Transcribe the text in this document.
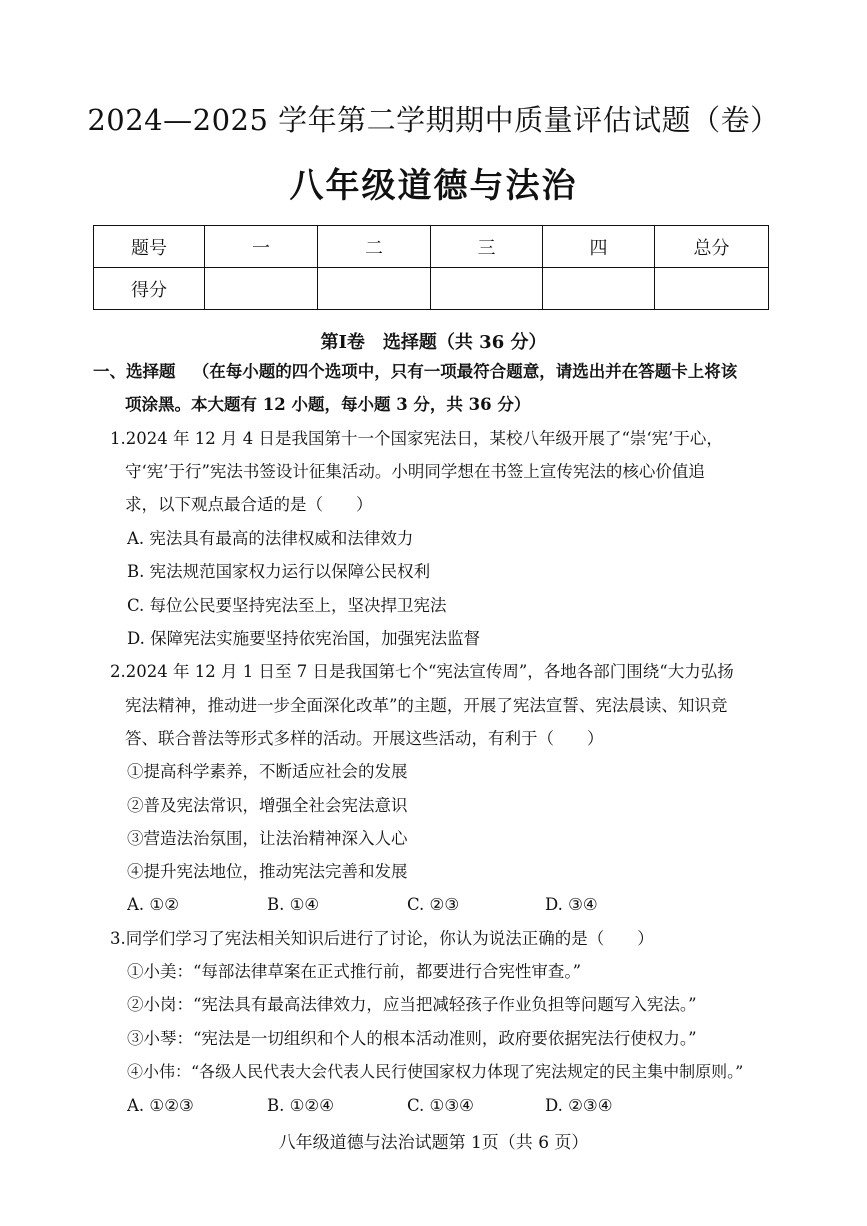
2024—2025 学年第二学期期中质量评估试题（卷）
八年级道德与法治
题号	一	二	三	四	总分
得分					
第Ⅰ卷　选择题（共 36 分）
一、选择题 （在每小题的四个选项中，只有一项最符合题意，请选出并在答题卡上将该
项涂黑。本大题有 12 小题，每小题 3 分，共 36 分）
1.2024 年 12 月 4 日是我国第十一个国家宪法日，某校八年级开展了“崇‘宪’于心，
守‘宪’于行”宪法书签设计征集活动。小明同学想在书签上宣传宪法的核心价值追
求，以下观点最合适的是（　　）
A. 宪法具有最高的法律权威和法律效力
B. 宪法规范国家权力运行以保障公民权利
C. 每位公民要坚持宪法至上，坚决捍卫宪法
D. 保障宪法实施要坚持依宪治国，加强宪法监督
2.2024 年 12 月 1 日至 7 日是我国第七个“宪法宣传周”，各地各部门围绕“大力弘扬
宪法精神，推动进一步全面深化改革”的主题，开展了宪法宣誓、宪法晨读、知识竞
答、联合普法等形式多样的活动。开展这些活动，有利于（　　）
①提高科学素养，不断适应社会的发展
②普及宪法常识，增强全社会宪法意识
③营造法治氛围，让法治精神深入人心
④提升宪法地位，推动宪法完善和发展
A. ①②	B. ①④	C. ②③	D. ③④
3.同学们学习了宪法相关知识后进行了讨论，你认为说法正确的是（　　）
①小美：“每部法律草案在正式推行前，都要进行合宪性审查。”
②小岗：“宪法具有最高法律效力，应当把减轻孩子作业负担等问题写入宪法。”
③小琴：“宪法是一切组织和个人的根本活动准则，政府要依据宪法行使权力。”
④小伟：“各级人民代表大会代表人民行使国家权力体现了宪法规定的民主集中制原则。”
A. ①②③	B. ①②④	C. ①③④	D. ②③④
八年级道德与法治试题第 1页（共 6 页）
